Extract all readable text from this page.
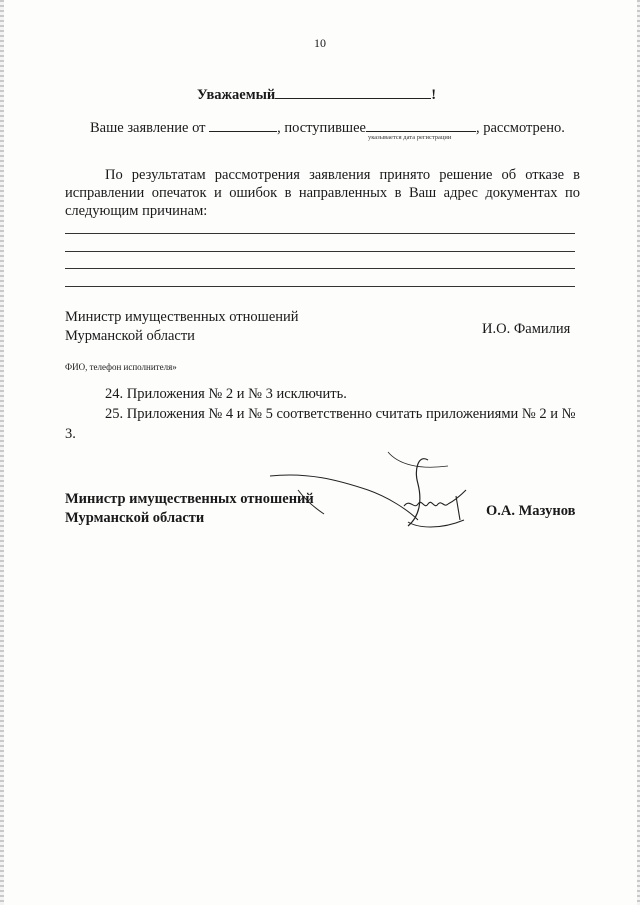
10
Уважаемый	!
Ваше заявление от	, поступившее
указывается дата регистрации
, рассмотрено.
По результатам рассмотрения заявления принято решение об отказе в исправлении опечаток и ошибок в направленных в Ваш адрес документах по следующим причинам:
Министр имущественных отношений Мурманской области	И.О. Фамилия
ФИО, телефон исполнителя»
24. Приложения № 2 и № 3 исключить.
25. Приложения № 4 и № 5 соответственно считать приложениями № 2 и № 3.
Министр имущественных отношений Мурманской области	О.А. Мазунов
